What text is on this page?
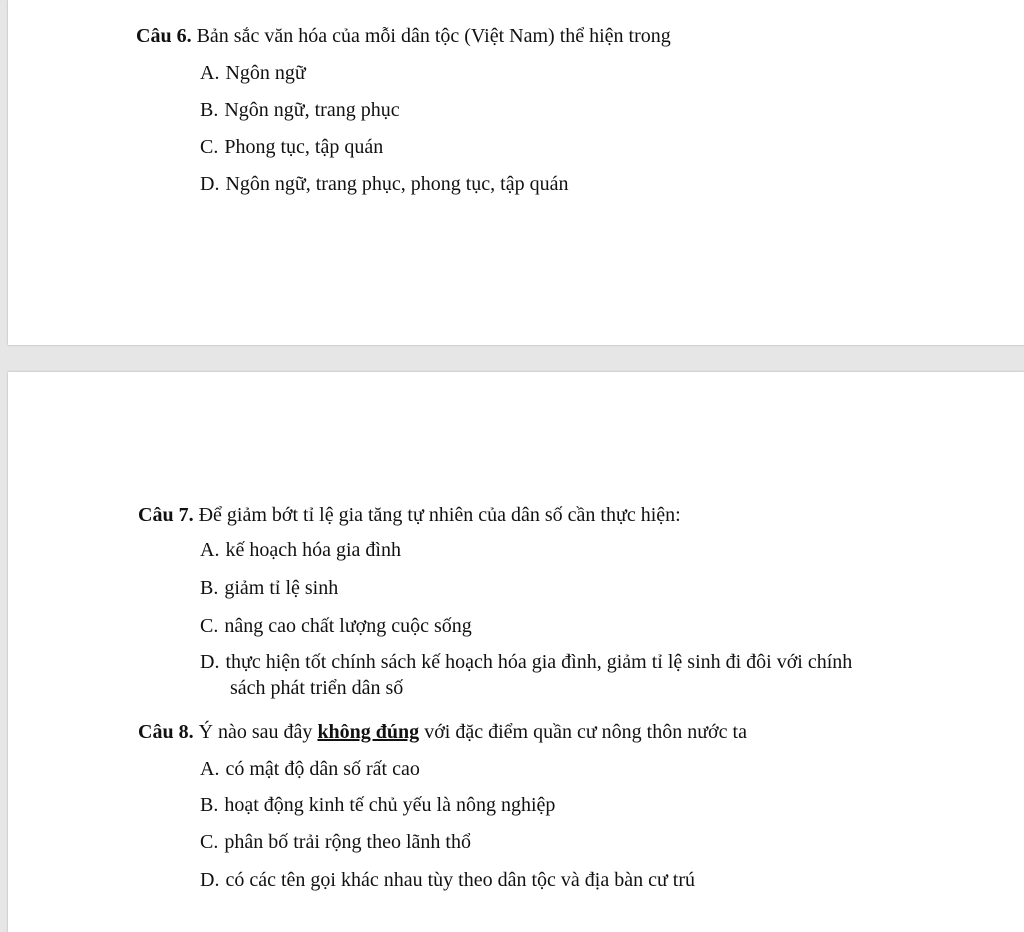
Câu 6. Bản sắc văn hóa của mỗi dân tộc (Việt Nam) thể hiện trong
A. Ngôn ngữ
B. Ngôn ngữ, trang phục
C. Phong tục, tập quán
D. Ngôn ngữ, trang phục, phong tục, tập quán
Câu 7. Để giảm bớt tỉ lệ gia tăng tự nhiên của dân số cần thực hiện:
A. kế hoạch hóa gia đình
B. giảm tỉ lệ sinh
C. nâng cao chất lượng cuộc sống
D. thực hiện tốt chính sách kế hoạch hóa gia đình, giảm tỉ lệ sinh đi đôi với chính
sách phát triển dân số
Câu 8. Ý nào sau đây không đúng với đặc điểm quần cư nông thôn nước ta
A. có mật độ dân số rất cao
B. hoạt động kinh tế chủ yếu là nông nghiệp
C. phân bố trải rộng theo lãnh thổ
D. có các tên gọi khác nhau tùy theo dân tộc và địa bàn cư trú
